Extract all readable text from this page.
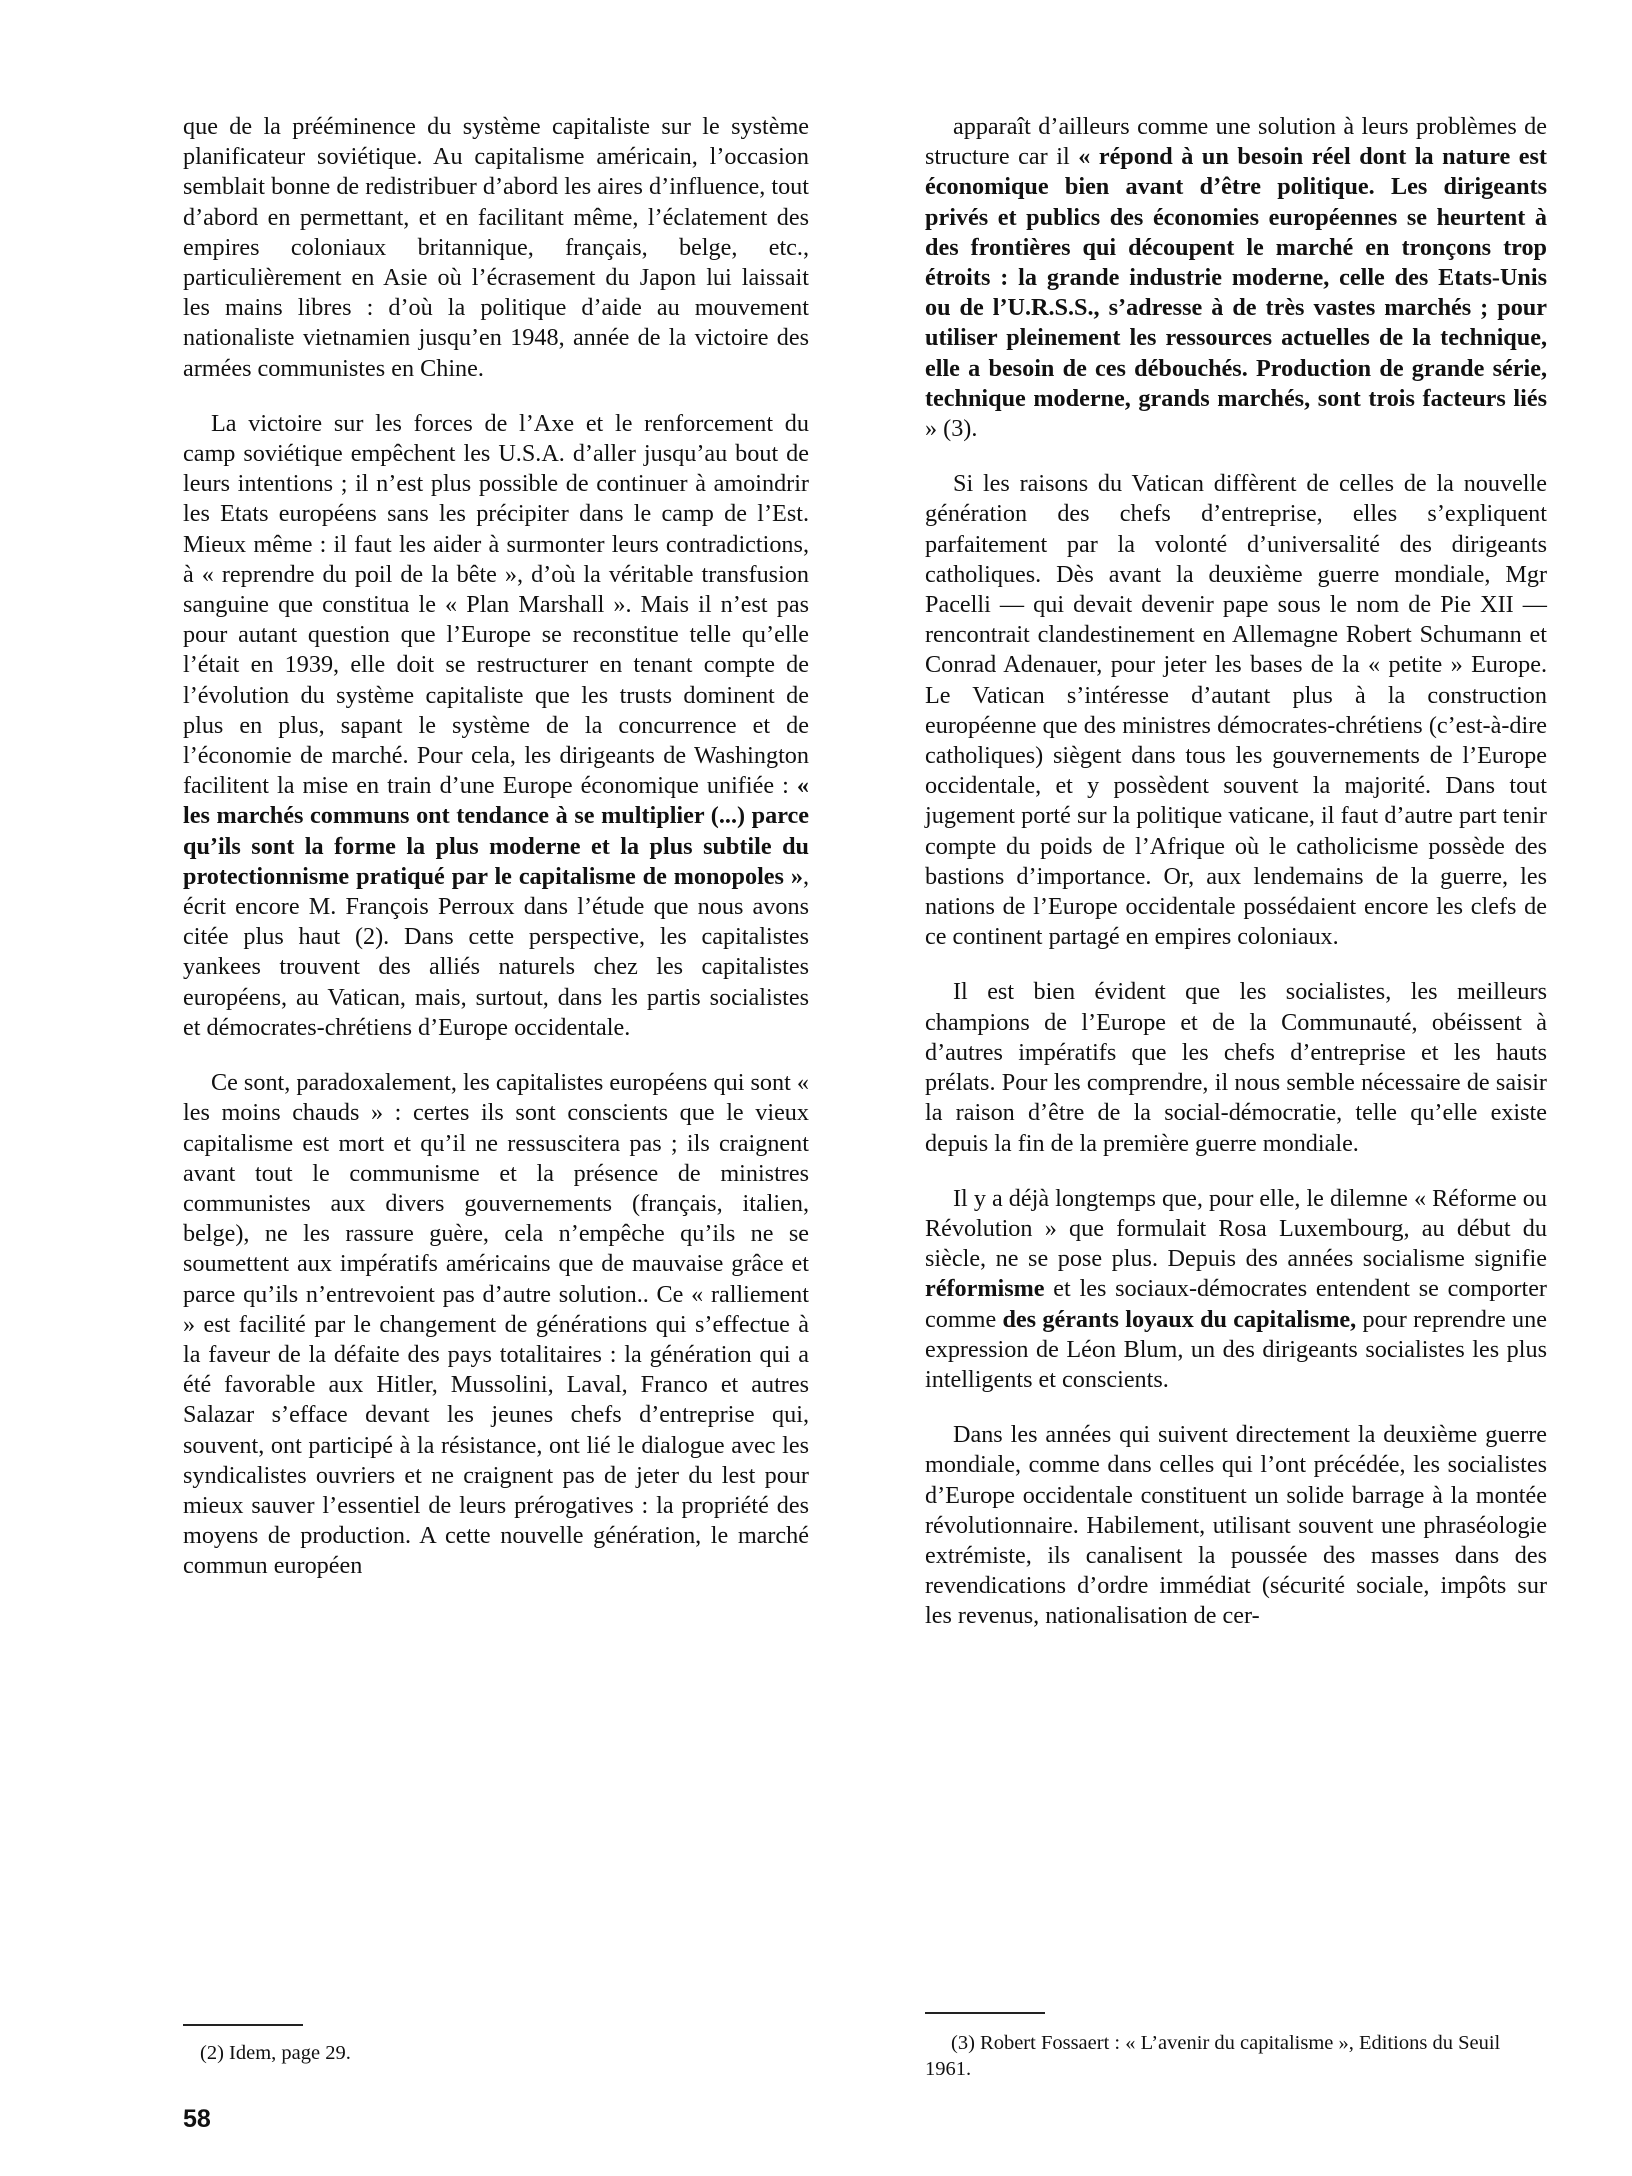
que de la prééminence du système capitaliste sur le système planificateur soviétique. Au capitalisme américain, l’occasion semblait bonne de redistribuer d’abord les aires d’influence, tout d’abord en permettant, et en facilitant même, l’éclatement des empires coloniaux britannique, français, belge, etc., particulièrement en Asie où l’écrasement du Japon lui laissait les mains libres : d’où la politique d’aide au mouvement nationaliste vietnamien jusqu’en 1948, année de la victoire des armées communistes en Chine.

La victoire sur les forces de l’Axe et le renforcement du camp soviétique empêchent les U.S.A. d’aller jusqu’au bout de leurs intentions ; il n’est plus possible de continuer à amoindrir les Etats européens sans les précipiter dans le camp de l’Est. Mieux même : il faut les aider à surmonter leurs contradictions, à « reprendre du poil de la bête », d’où la véritable transfusion sanguine que constitua le « Plan Marshall ». Mais il n’est pas pour autant question que l’Europe se reconstitue telle qu’elle l’était en 1939, elle doit se restructurer en tenant compte de l’évolution du système capitaliste que les trusts dominent de plus en plus, sapant le système de la concurrence et de l’économie de marché. Pour cela, les dirigeants de Washington facilitent la mise en train d’une Europe économique unifiée : « les marchés communs ont tendance à se multiplier (...) parce qu’ils sont la forme la plus moderne et la plus subtile du protectionnisme pratiqué par le capitalisme de monopoles », écrit encore M. François Perroux dans l’étude que nous avons citée plus haut (2). Dans cette perspective, les capitalistes yankees trouvent des alliés naturels chez les capitalistes européens, au Vatican, mais, surtout, dans les partis socialistes et démocrates-chrétiens d’Europe occidentale.

Ce sont, paradoxalement, les capitalistes européens qui sont « les moins chauds » : certes ils sont conscients que le vieux capitalisme est mort et qu’il ne ressuscitera pas ; ils craignent avant tout le communisme et la présence de ministres communistes aux divers gouvernements (français, italien, belge), ne les rassure guère, cela n’empêche qu’ils ne se soumettent aux impératifs américains que de mauvaise grâce et parce qu’ils n’entrevoient pas d’autre solution.. Ce « ralliement » est facilité par le changement de générations qui s’effectue à la faveur de la défaite des pays totalitaires : la génération qui a été favorable aux Hitler, Mussolini, Laval, Franco et autres Salazar s’efface devant les jeunes chefs d’entreprise qui, souvent, ont participé à la résistance, ont lié le dialogue avec les syndicalistes ouvriers et ne craignent pas de jeter du lest pour mieux sauver l’essentiel de leurs prérogatives : la propriété des moyens de production. A cette nouvelle génération, le marché commun européen

apparaît d’ailleurs comme une solution à leurs problèmes de structure car il « répond à un besoin réel dont la nature est économique bien avant d’être politique. Les dirigeants privés et publics des économies européennes se heurtent à des frontières qui découpent le marché en tronçons trop étroits : la grande industrie moderne, celle des Etats-Unis ou de l’U.R.S.S., s’adresse à de très vastes marchés ; pour utiliser pleinement les ressources actuelles de la technique, elle a besoin de ces débouchés. Production de grande série, technique moderne, grands marchés, sont trois facteurs liés » (3).

Si les raisons du Vatican diffèrent de celles de la nouvelle génération des chefs d’entreprise, elles s’expliquent parfaitement par la volonté d’universalité des dirigeants catholiques. Dès avant la deuxième guerre mondiale, Mgr Pacelli — qui devait devenir pape sous le nom de Pie XII — rencontrait clandestinement en Allemagne Robert Schumann et Conrad Adenauer, pour jeter les bases de la « petite » Europe. Le Vatican s’intéresse d’autant plus à la construction européenne que des ministres démocrates-chrétiens (c’est-à-dire catholiques) siègent dans tous les gouvernements de l’Europe occidentale, et y possèdent souvent la majorité. Dans tout jugement porté sur la politique vaticane, il faut d’autre part tenir compte du poids de l’Afrique où le catholicisme possède des bastions d’importance. Or, aux lendemains de la guerre, les nations de l’Europe occidentale possédaient encore les clefs de ce continent partagé en empires coloniaux.

Il est bien évident que les socialistes, les meilleurs champions de l’Europe et de la Communauté, obéissent à d’autres impératifs que les chefs d’entreprise et les hauts prélats. Pour les comprendre, il nous semble nécessaire de saisir la raison d’être de la social-démocratie, telle qu’elle existe depuis la fin de la première guerre mondiale.

Il y a déjà longtemps que, pour elle, le dilemne « Réforme ou Révolution » que formulait Rosa Luxembourg, au début du siècle, ne se pose plus. Depuis des années socialisme signifie réformisme et les sociaux-démocrates entendent se comporter comme des gérants loyaux du capitalisme, pour reprendre une expression de Léon Blum, un des dirigeants socialistes les plus intelligents et conscients.

Dans les années qui suivent directement la deuxième guerre mondiale, comme dans celles qui l’ont précédée, les socialistes d’Europe occidentale constituent un solide barrage à la montée révolutionnaire. Habilement, utilisant souvent une phraséologie extrémiste, ils canalisent la poussée des masses dans des revendications d’ordre immédiat (sécurité sociale, impôts sur les revenus, nationalisation de cer-

(2) Idem, page 29.	(3) Robert Fossaert : « L’avenir du capitalisme », Editions du Seuil 1961.
58
